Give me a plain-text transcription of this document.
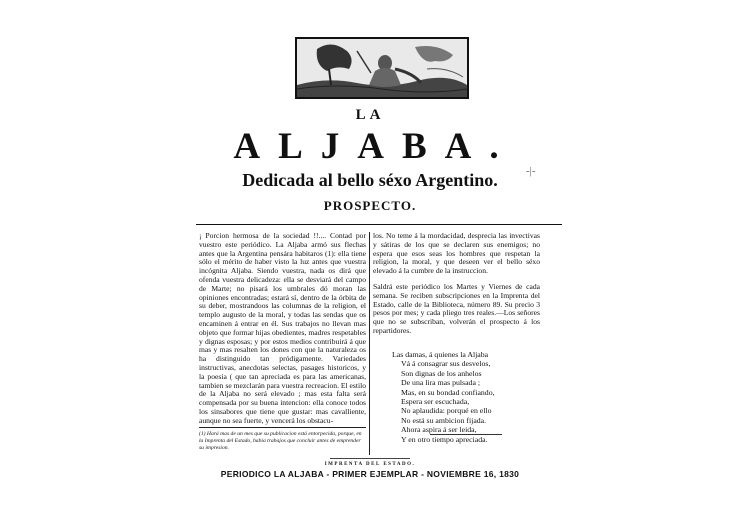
LA
ALJABA.
Dedicada al bello séxo Argentino.	-|-
PROSPECTO.

¡ Porcion hermosa de la sociedad !!.... Contad por vuestro este periódico. La Aljaba armó sus flechas antes que la Argentina pensára habitaros (1): ella tiene sólo el mérito de haber visto la luz antes que vuestra incógnita Aljaba. Siendo vuestra, nada os dirá que ofenda vuestra delicadeza: ella se desviará del campo de Marte; no pisará los umbrales dó moran las opiniones encontradas; estará sí, dentro de la órbita de su deber, mostrandoos las columnas de la religion, el templo augusto de la moral, y todas las sendas que os encaminen á entrar en él. Sus trabajos no llevan mas objeto que formar hijas obedientes, madres respetables y dignas esposas; y por estos medios contribuirá á que mas y mas resalten los dones con que la naturaleza os ha distinguido tan pródigamente. Variedades instructivas, anecdotas selectas, pasages historicos, y la poesia ( que tan apreciada es para las americanas, tambien se mezclarán para vuestra recreacion. El estilo de la Aljaba no será elevado ; mas esta falta será compensada por su buena intencion: ella conoce todos los sinsabores que tiene que gustar: mas cavalliente, aunque no sea fuerte, y vencerá los obstacu-

(1) Hará mas de un mes que su publicacion está entorpecida, porque, en la Imprenta del Estado, había trabajos que concluir antes de emprender su impresion.

los. No teme á la mordacidad, desprecia las invectivas y sátiras de los que se declaren sus enemigos; no espera que esos seas los hombres que respetan la religion, la moral, y que deseen ver el bello séxo elevado á la cumbre de la instruccion.

Saldrá este periódico los Martes y Viernes de cada semana. Se reciben subscripciones en la Imprenta del Estado, calle de la Biblioteca, número 89. Su precio 3 pesos por mes; y cada pliego tres reales.—Los señores que no se subscriban, volverán el prospecto á los repartidores.

Las damas, á quienes la Aljaba
Vá á consagrar sus desvelos,
Son dignas de los anhelos
De una lira mas pulsada ;
Mas, en su bondad confiando,
Espera ser escuchada,
No aplaudida: porqué en ello
No está su ambicion fijada.
Ahora aspira á ser leida,
Y en otro tiempo apreciada.
IMPRENTA DEL ESTADO.
PERIODICO LA ALJABA - PRIMER EJEMPLAR - NOVIEMBRE 16, 1830
